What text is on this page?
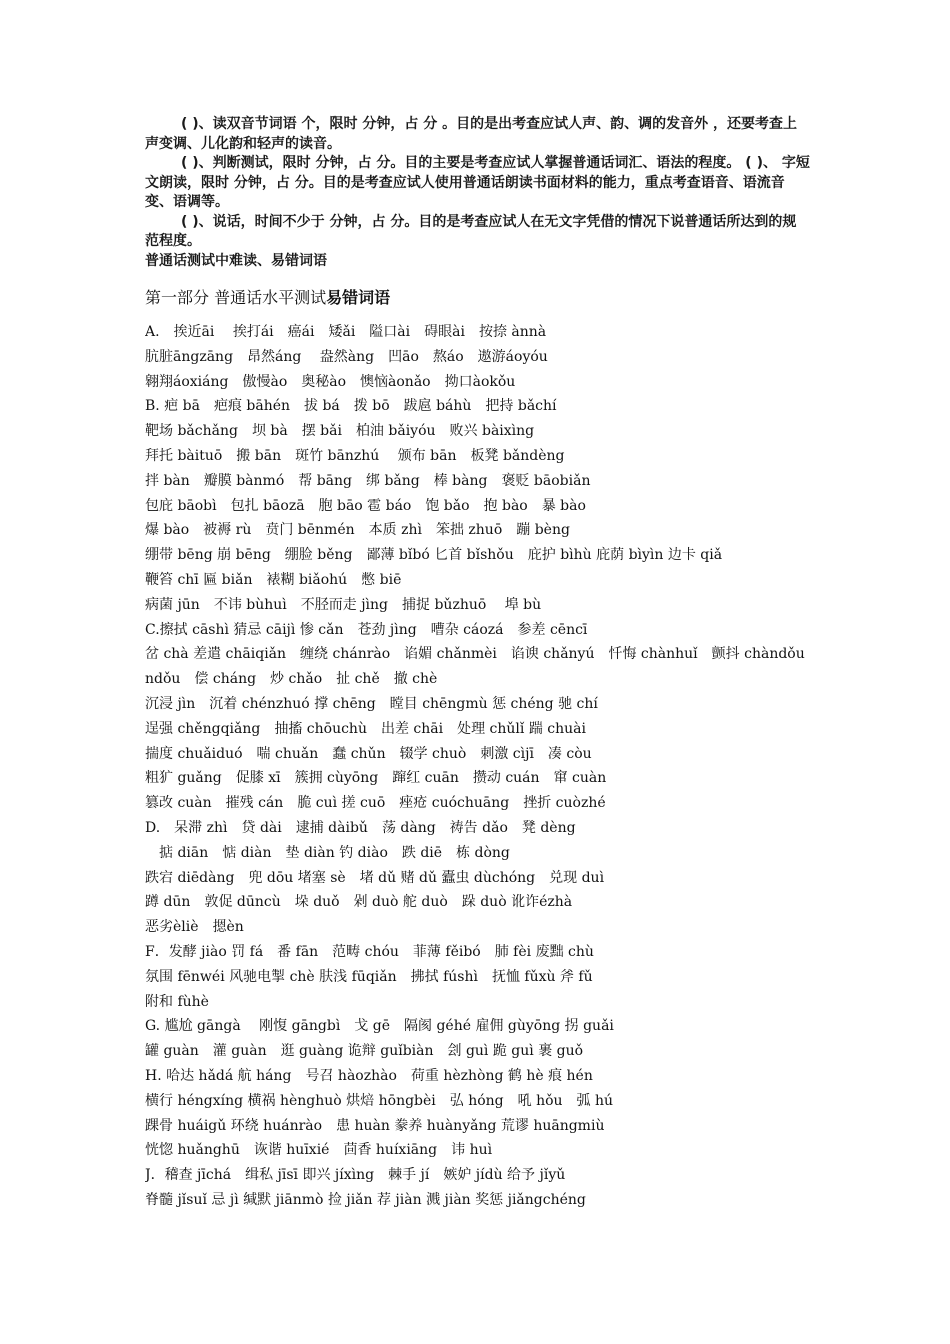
( )、读双音节词语 个，限时 分钟，占 分 。目的是出考查应试人声、韵、调的发音外 ，还要考查上声变调、儿化韵和轻声的读音。

( )、判断测试，限时 分钟，占 分。目的主要是考查应试人掌握普通话词汇、语法的程度。 ( )、 字短文朗读，限时 分钟，占 分。目的是考查应试人使用普通话朗读书面材料的能力，重点考查语音、语流音变、语调等。

( )、说话，时间不少于 分钟，占 分。目的是考查应试人在无文字凭借的情况下说普通话所达到的规范程度。

普通话测试中难读、易错词语

第一部分 普通话水平测试易错词语
A.　挨近āi　 挨打ái　癌ái　矮ǎi　隘口ài　碍眼ài　按捺 ànnà
肮脏āngzāng　昂然áng　 盎然àng　凹āo　熬áo　遨游áoyóu
翱翔áoxiáng　傲慢ào　奥秘ào　懊恼àonǎo　拗口àokǒu
B. 疤 bā　疤痕 bāhén　拔 bá　拨 bō　跋扈 báhù　把持 bǎchí
靶场 bǎchǎng　坝 bà　摆 bǎi　柏油 bǎiyóu　败兴 bàixìng
拜托 bàituō　搬 bān　斑竹 bānzhú　 颁布 bān　板凳 bǎndèng
拌 bàn　瓣膜 bànmó　帮 bāng　绑 bǎng　棒 bàng　褒贬 bāobiǎn
包庇 bāobì　包扎 bāozā　胞 bāo 雹 báo　饱 bǎo　抱 bào　暴 bào
爆 bào　被褥 rù　贲门 bēnmén　本质 zhì　笨拙 zhuō　蹦 bèng
绷带 bēng 崩 bēng　绷脸 běng　鄙薄 bǐbó 匕首 bǐshǒu　庇护 bìhù 庇荫 bìyìn 边卡 qiǎ
鞭笞 chī 匾 biǎn　裱糊 biǎohú　憋 biē
病菌 jūn　不讳 bùhuì　不胫而走 jìng　捕捉 bǔzhuō　 埠 bù
C.擦拭 cāshì 猜忌 cāijì 惨 cǎn　苍劲 jìng　嘈杂 cáozá　参差 cēncī
岔 chà 差遣 chāiqiǎn　缠绕 chánrào　谄媚 chǎnmèi　谄谀 chǎnyú　忏悔 chànhuǐ　颤抖 chàndǒu
ndǒu　偿 cháng　炒 chǎo　扯 chě　撤 chè
沉浸 jìn　沉着 chénzhuó 撑 chēng　瞠目 chēngmù 惩 chéng 驰 chí
逞强 chěngqiǎng　抽搐 chōuchù　出差 chāi　处理 chǔlǐ 踹 chuài
揣度 chuǎiduó　喘 chuǎn　蠢 chǔn　辍学 chuò　刺激 cìjī　凑 còu
粗犷 guǎng　促膝 xī　簇拥 cùyōng　蹿红 cuān　攒动 cuán　窜 cuàn
篡改 cuàn　摧残 cán　脆 cuì 搓 cuō　痤疮 cuóchuāng　挫折 cuòzhé
D.　呆滞 zhì　贷 dài　逮捕 dàibǔ　荡 dàng　祷告 dǎo　凳 dèng
　掂 diān　惦 diàn　垫 diàn 钓 diào　跌 diē　栋 dòng
跌宕 diēdàng　兜 dōu 堵塞 sè　堵 dǔ 赌 dǔ 蠹虫 dùchóng　兑现 duì
蹲 dūn　敦促 dūncù　垛 duǒ　剁 duò 舵 duò　跺 duò 讹诈ézhà
恶劣èliè　摁èn
F．发酵 jiào 罚 fá　番 fān　范畴 chóu　菲薄 fěibó　肺 fèi 废黜 chù
氛围 fēnwéi 风驰电掣 chè 肤浅 fūqiǎn　拂拭 fúshì　抚恤 fǔxù 斧 fǔ
附和 fùhè
G. 尴尬 gāngà　 刚愎 gāngbì　戈 gē　隔阂 géhé 雇佣 gùyōng 拐 guǎi
罐 guàn　灌 guàn　逛 guàng 诡辩 guǐbiàn　刽 guì 跪 guì 裹 guǒ
H. 哈达 hǎdá 航 háng　号召 hàozhào　荷重 hèzhòng 鹤 hè 痕 hén
横行 héngxíng 横祸 hènghuò 烘焙 hōngbèi　弘 hóng　吼 hǒu　弧 hú
踝骨 huáigǔ 环绕 huánrào　患 huàn 豢养 huànyǎng 荒谬 huāngmiù
恍惚 huǎnghū　诙谐 huīxié　茴香 huíxiāng　讳 huì
J．稽查 jīchá　缉私 jīsī 即兴 jíxìng　棘手 jí　嫉妒 jídù 给予 jǐyǔ
脊髓 jǐsuǐ 忌 jì 缄默 jiānmò 捡 jiǎn 荐 jiàn 溅 jiàn 奖惩 jiǎngchéng
